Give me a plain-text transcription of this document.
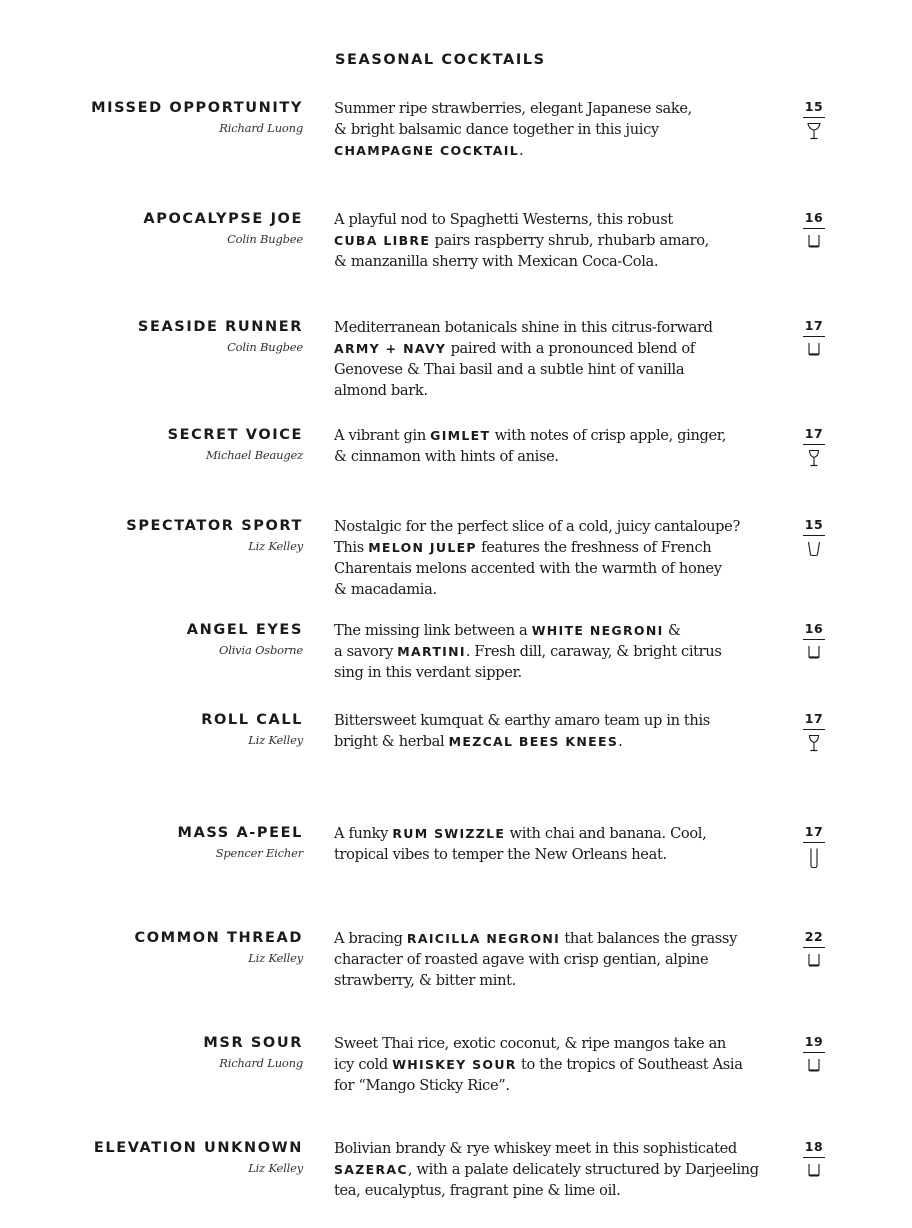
SEASONAL COCKTAILS
MISSED OPPORTUNITY
Richard Luong
Summer ripe strawberries, elegant Japanese sake,
& bright balsamic dance together in this juicy
CHAMPAGNE COCKTAIL.
15
APOCALYPSE JOE
Colin Bugbee
A playful nod to Spaghetti Westerns, this robust
CUBA LIBRE pairs raspberry shrub, rhubarb amaro,
& manzanilla sherry with Mexican Coca-Cola.
16
SEASIDE RUNNER
Colin Bugbee
Mediterranean botanicals shine in this citrus-forward
ARMY + NAVY paired with a pronounced blend of
Genovese & Thai basil and a subtle hint of vanilla
almond bark.
17
SECRET VOICE
Michael Beaugez
A vibrant gin GIMLET with notes of crisp apple, ginger,
& cinnamon with hints of anise.
17
SPECTATOR SPORT
Liz Kelley
Nostalgic for the perfect slice of a cold, juicy cantaloupe?
This MELON JULEP features the freshness of French
Charentais melons accented with the warmth of honey
& macadamia.
15
ANGEL EYES
Olivia Osborne
The missing link between a WHITE NEGRONI &
a savory MARTINI. Fresh dill, caraway, & bright citrus
sing in this verdant sipper.
16
ROLL CALL
Liz Kelley
Bittersweet kumquat & earthy amaro team up in this
bright & herbal MEZCAL BEES KNEES.
17
MASS A-PEEL
Spencer Eicher
A funky RUM SWIZZLE with chai and banana. Cool,
tropical vibes to temper the New Orleans heat.
17
COMMON THREAD
Liz Kelley
A bracing RAICILLA NEGRONI that balances the grassy
character of roasted agave with crisp gentian, alpine
strawberry, & bitter mint.
22
MSR SOUR
Richard Luong
Sweet Thai rice, exotic coconut, & ripe mangos take an
icy cold WHISKEY SOUR to the tropics of Southeast Asia
for “Mango Sticky Rice”.
19
ELEVATION UNKNOWN
Liz Kelley
Bolivian brandy & rye whiskey meet in this sophisticated
SAZERAC, with a palate delicately structured by Darjeeling
tea, eucalyptus, fragrant pine & lime oil.
18
